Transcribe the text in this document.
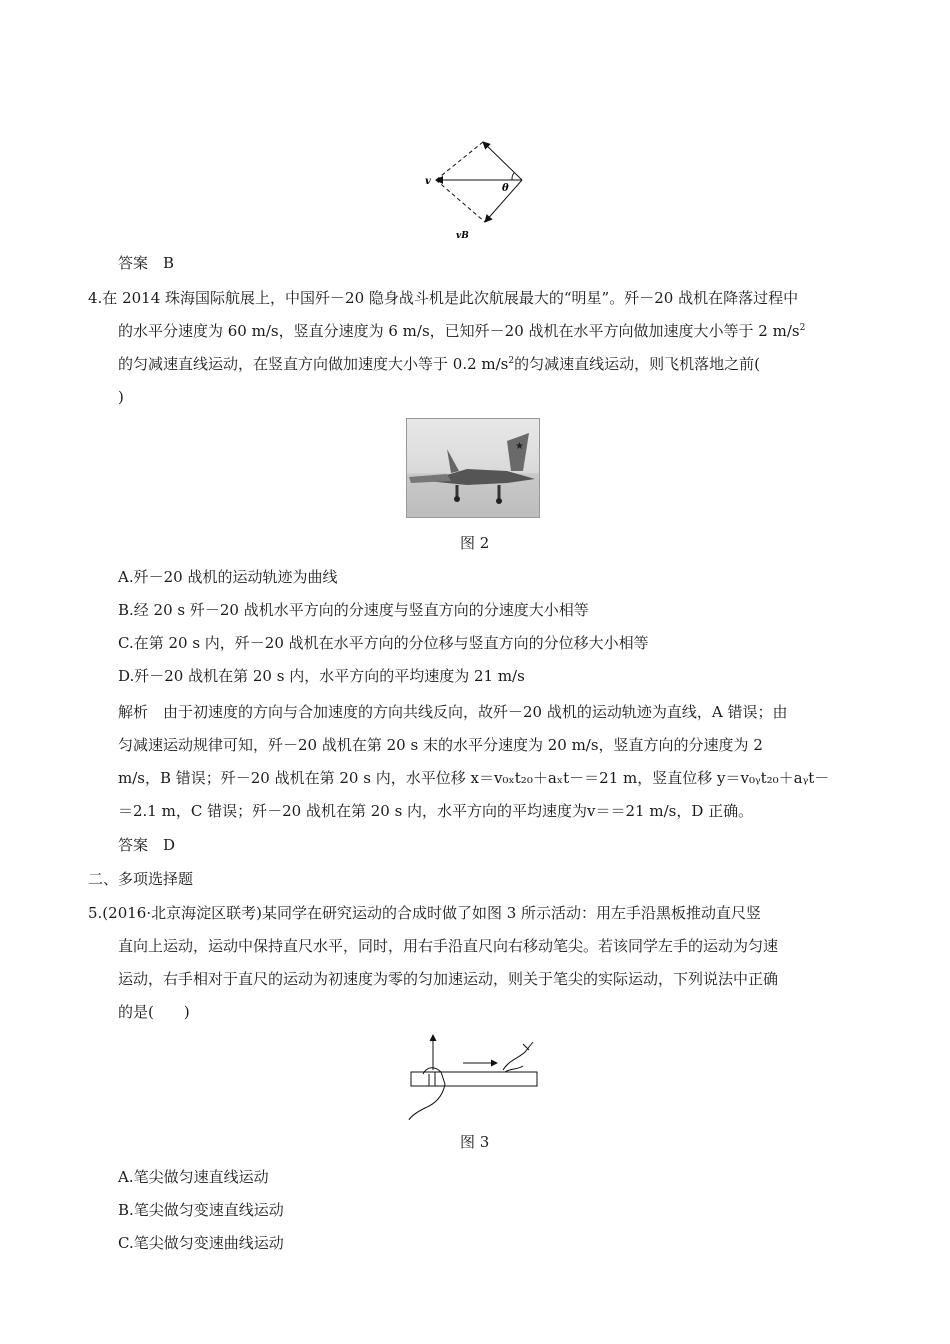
v
θ
vB
答案　B
4.在 2014 珠海国际航展上，中国歼－20 隐身战斗机是此次航展最大的“明星”。歼－20 战机在降落过程中
的水平分速度为 60 m/s，竖直分速度为 6 m/s，已知歼－20 战机在水平方向做加速度大小等于 2 $m/s^2$
的匀减速直线运动，在竖直方向做加速度大小等于 0.2 $m/s^2$的匀减速直线运动，则飞机落地之前(
)
★
图 2
A.歼－20 战机的运动轨迹为曲线
B.经 20 s 歼－20 战机水平方向的分速度与竖直方向的分速度大小相等
C.在第 20 s 内，歼－20 战机在水平方向的分位移与竖直方向的分位移大小相等
D.歼－20 战机在第 20 s 内，水平方向的平均速度为 21 m/s
解析　由于初速度的方向与合加速度的方向共线反向，故歼－20 战机的运动轨迹为直线，A 错误；由
匀减速运动规律可知，歼－20 战机在第 20 s 末的水平分速度为 20 m/s，竖直方向的分速度为 2
m/s，B 错误；歼－20 战机在第 20 s 内，水平位移 x＝v₀ₓt₂₀＋aₓt－＝21 m，竖直位移 y＝v₀ᵧt₂₀＋aᵧt－
＝2.1 m，C 错误；歼－20 战机在第 20 s 内，水平方向的平均速度为v＝＝21 m/s，D 正确。
答案　D
二、多项选择题
5.(2016·北京海淀区联考)某同学在研究运动的合成时做了如图 3 所示活动：用左手沿黑板推动直尺竖
直向上运动，运动中保持直尺水平，同时，用右手沿直尺向右移动笔尖。若该同学左手的运动为匀速
运动，右手相对于直尺的运动为初速度为零的匀加速运动，则关于笔尖的实际运动，下列说法中正确
的是(　　)
图 3
A.笔尖做匀速直线运动
B.笔尖做匀变速直线运动
C.笔尖做匀变速曲线运动
